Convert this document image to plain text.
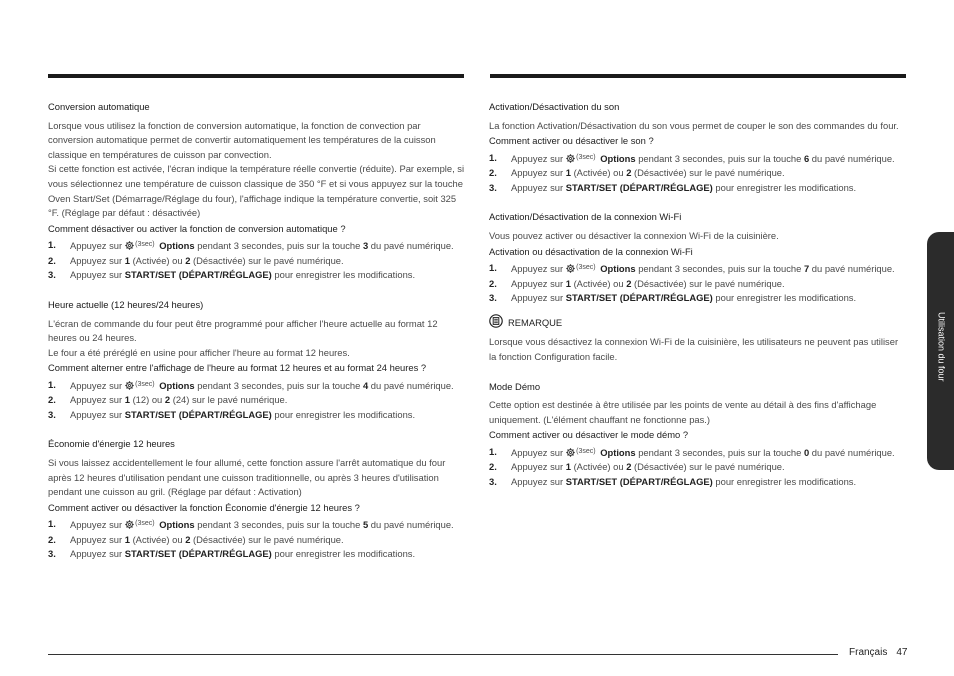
Conversion automatique

Lorsque vous utilisez la fonction de conversion automatique, la fonction de convection par conversion automatique permet de convertir automatiquement les températures de la cuisson classique en températures de cuisson par convection.

Si cette fonction est activée, l'écran indique la température réelle convertie (réduite). Par exemple, si vous sélectionnez une température de cuisson classique de 350 °F et si vous appuyez sur la touche Oven Start/Set (Démarrage/Réglage du four), l'affichage indique la température convertie, soit 325 °F. (Réglage par défaut : désactivée)

Comment désactiver ou activer la fonction de conversion automatique ?
1.	Appuyez sur (3sec) Options pendant 3 secondes, puis sur la touche 3 du pavé numérique.
2.	Appuyez sur 1 (Activée) ou 2 (Désactivée) sur le pavé numérique.
3.	Appuyez sur START/SET (DÉPART/RÉGLAGE) pour enregistrer les modifications.
Heure actuelle (12 heures/24 heures)

L'écran de commande du four peut être programmé pour afficher l'heure actuelle au format 12 heures ou 24 heures.

Le four a été préréglé en usine pour afficher l'heure au format 12 heures.

Comment alterner entre l'affichage de l'heure au format 12 heures et au format 24 heures ?
1.	Appuyez sur (3sec) Options pendant 3 secondes, puis sur la touche 4 du pavé numérique.
2.	Appuyez sur 1 (12) ou 2 (24) sur le pavé numérique.
3.	Appuyez sur START/SET (DÉPART/RÉGLAGE) pour enregistrer les modifications.
Économie d'énergie 12 heures

Si vous laissez accidentellement le four allumé, cette fonction assure l'arrêt automatique du four après 12 heures d'utilisation pendant une cuisson traditionnelle, ou après 3 heures d'utilisation pendant une cuisson au gril. (Réglage par défaut : Activation)

Comment activer ou désactiver la fonction Économie d'énergie 12 heures ?
1.	Appuyez sur (3sec) Options pendant 3 secondes, puis sur la touche 5 du pavé numérique.
2.	Appuyez sur 1 (Activée) ou 2 (Désactivée) sur le pavé numérique.
3.	Appuyez sur START/SET (DÉPART/RÉGLAGE) pour enregistrer les modifications.
Activation/Désactivation du son

La fonction Activation/Désactivation du son vous permet de couper le son des commandes du four.

Comment activer ou désactiver le son ?
1.	Appuyez sur (3sec) Options pendant 3 secondes, puis sur la touche 6 du pavé numérique.
2.	Appuyez sur 1 (Activée) ou 2 (Désactivée) sur le pavé numérique.
3.	Appuyez sur START/SET (DÉPART/RÉGLAGE) pour enregistrer les modifications.
Activation/Désactivation de la connexion Wi-Fi

Vous pouvez activer ou désactiver la connexion Wi-Fi de la cuisinière.

Activation ou désactivation de la connexion Wi-Fi
1.	Appuyez sur (3sec) Options pendant 3 secondes, puis sur la touche 7 du pavé numérique.
2.	Appuyez sur 1 (Activée) ou 2 (Désactivée) sur le pavé numérique.
3.	Appuyez sur START/SET (DÉPART/RÉGLAGE) pour enregistrer les modifications.
REMARQUE

Lorsque vous désactivez la connexion Wi-Fi de la cuisinière, les utilisateurs ne peuvent pas utiliser la fonction Configuration facile.

Mode Démo

Cette option est destinée à être utilisée par les points de vente au détail à des fins d'affichage uniquement. (L'élément chauffant ne fonctionne pas.)

Comment activer ou désactiver le mode démo ?
1.	Appuyez sur (3sec) Options pendant 3 secondes, puis sur la touche 0 du pavé numérique.
2.	Appuyez sur 1 (Activée) ou 2 (Désactivée) sur le pavé numérique.
3.	Appuyez sur START/SET (DÉPART/RÉGLAGE) pour enregistrer les modifications.
Utilisation du four
Français 47
